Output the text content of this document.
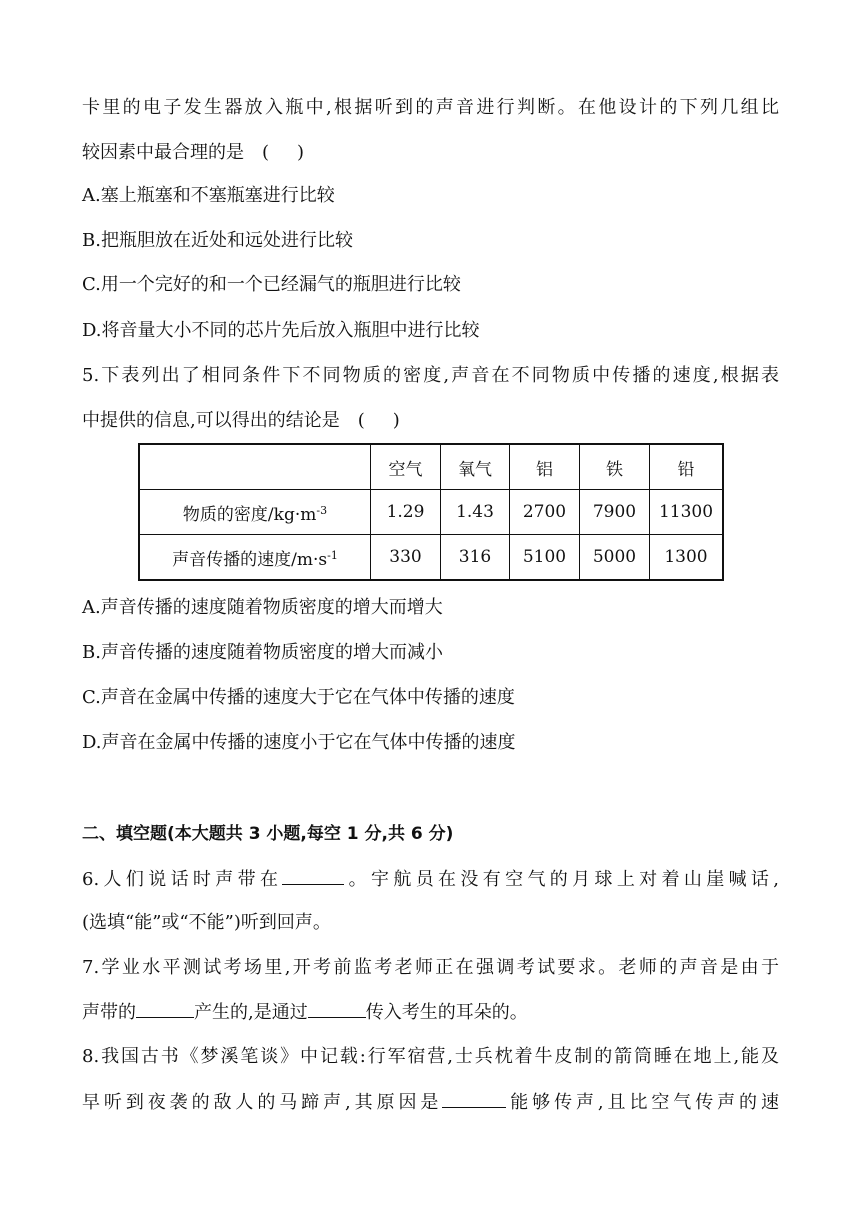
卡里的电子发生器放入瓶中,根据听到的声音进行判断。在他设计的下列几组比
较因素中最合理的是 ( )
A.塞上瓶塞和不塞瓶塞进行比较
B.把瓶胆放在近处和远处进行比较
C.用一个完好的和一个已经漏气的瓶胆进行比较
D.将音量大小不同的芯片先后放入瓶胆中进行比较
5.下表列出了相同条件下不同物质的密度,声音在不同物质中传播的速度,根据表
中提供的信息,可以得出的结论是 ( )
	空气	氧气	铝	铁	铅
物质的密度$/kg\cdot m^{-3}$	1.29	1.43	2700	7900	11300
声音传播的速度$/m\cdot s^{-1}$	330	316	5100	5000	1300
A.声音传播的速度随着物质密度的增大而增大
B.声音传播的速度随着物质密度的增大而减小
C.声音在金属中传播的速度大于它在气体中传播的速度
D.声音在金属中传播的速度小于它在气体中传播的速度
二、填空题(本大题共 3 小题,每空 1 分,共 6 分)
6.人们说话时声带在	。宇航员在没有空气的月球上对着山崖喊话,
(选填“能”或“不能”)听到回声。
7.学业水平测试考场里,开考前监考老师正在强调考试要求。老师的声音是由于
声带的	产生的,是通过	传入考生的耳朵的。
8.我国古书《梦溪笔谈》中记载:行军宿营,士兵枕着牛皮制的箭筒睡在地上,能及
早听到夜袭的敌人的马蹄声,其原因是	能够传声,且比空气传声的速
